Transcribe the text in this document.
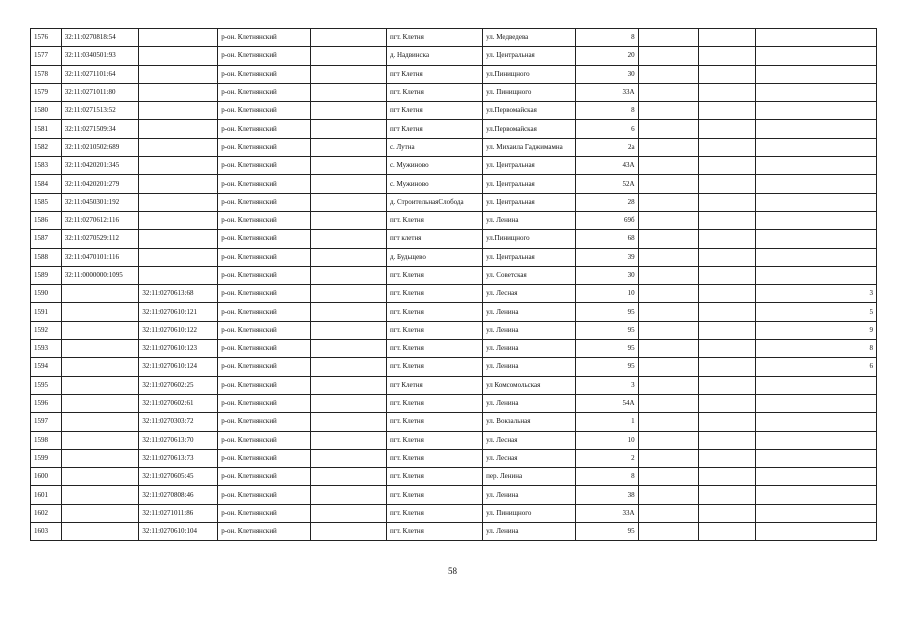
1576	32:11:0270818:54		р-он. Клетнянский		пгт. Клетня	ул. Медведева	8			
1577	32:11:0340501:93		р-он. Клетнянский		д. Надвинска	ул. Центральная	20			
1578	32:11:0271101:64		р-он. Клетнянский		пгт Клетня	ул.Пинищного	30			
1579	32:11:0271011:80		р-он. Клетнянский		пгт. Клетня	ул. Пинищного	33А			
1580	32:11:0271513:52		р-он. Клетнянский		пгт Клетня	ул.Первомайская	8			
1581	32:11:0271509:34		р-он. Клетнянский		пгт Клетня	ул.Первомайская	6			
1582	32:11:0210502:689		р-он. Клетнянский		с. Лутна	ул. Михаила Гаджимамна	2а			
1583	32:11:0420201:345		р-он. Клетнянский		с. Мужиново	ул. Центральная	43А			
1584	32:11:0420201:279		р-он. Клетнянский		с. Мужиново	ул. Центральная	52А			
1585	32:11:0450301:192		р-он. Клетнянский		д. СтроительнаяСлобода	ул. Центральная	28			
1586	32:11:0270612:116		р-он. Клетнянский		пгт. Клетня	ул. Ленина	69б			
1587	32:11:0270529:112		р-он. Клетнянский		пгт клетня	ул.Пинищного	68			
1588	32:11:0470101:116		р-он. Клетнянский		д. Будьщево	ул. Центральная	39			
1589	32:11:0000000:1095		р-он. Клетнянский		пгт. Клетня	ул. Советская	30			
1590		32:11:0270613:68	р-он. Клетнянский		пгт. Клетня	ул. Лесная	10			3
1591		32:11:0270610:121	р-он. Клетнянский		пгт. Клетня	ул. Ленина	95			5
1592		32:11:0270610:122	р-он. Клетнянский		пгт. Клетня	ул. Ленина	95			9
1593		32:11:0270610:123	р-он. Клетнянский		пгт. Клетня	ул. Ленина	95			8
1594		32:11:0270610:124	р-он. Клетнянский		пгт. Клетня	ул. Ленина	95			6
1595		32:11:0270602:25	р-он. Клетнянский		пгт Клетня	ул Комсомольская	3			
1596		32:11:0270602:61	р-он. Клетнянский		пгт. Клетня	ул. Ленина	54А			
1597		32:11:0270303:72	р-он. Клетнянский		пгт. Клетня	ул. Вокзальная	1			
1598		32:11:0270613:70	р-он. Клетнянский		пгт. Клетня	ул. Лесная	10			
1599		32:11:0270613:73	р-он. Клетнянский		пгт. Клетня	ул. Лесная	2			
1600		32:11:0270605:45	р-он. Клетнянский		пгт. Клетня	пер. Ленина	8			
1601		32:11:0270808:46	р-он. Клетнянский		пгт. Клетня	ул. Ленина	38			
1602		32:11:0271011:86	р-он. Клетнянский		пгт. Клетня	ул. Пинищного	33А			
1603		32:11:0270610:104	р-он. Клетнянский		пгт. Клетня	ул. Ленина	95			
58
